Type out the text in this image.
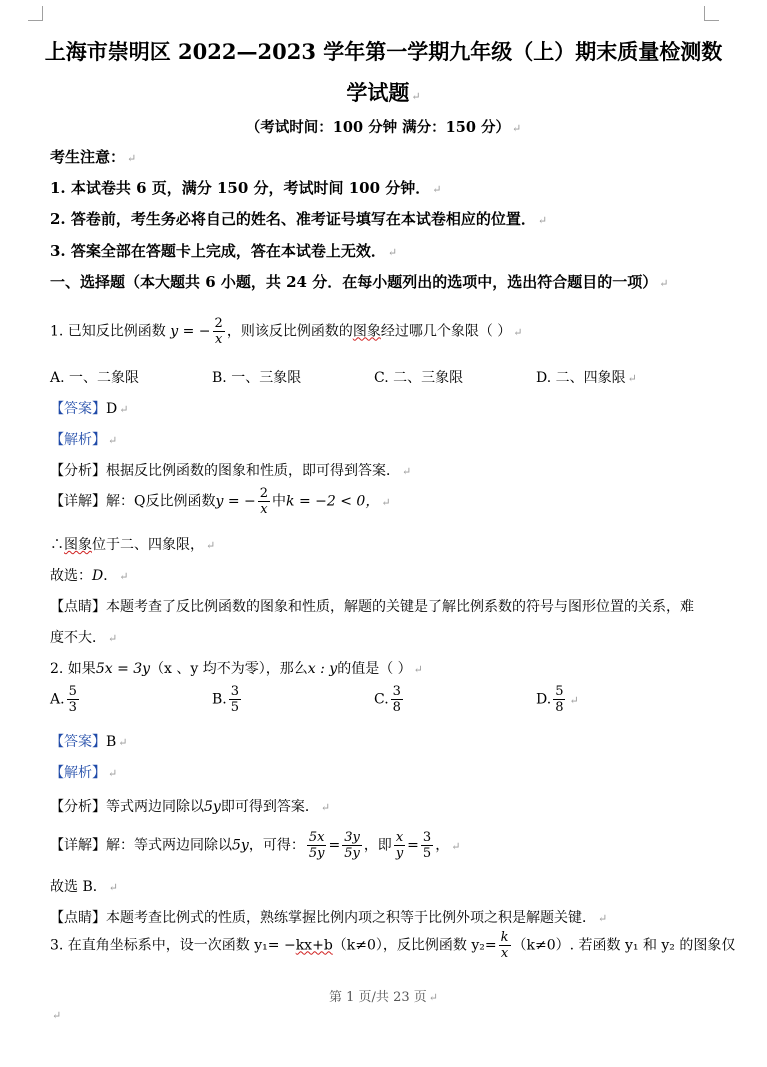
上海市崇明区 2022—2023 学年第一学期九年级（上）期末质量检测数
学试题 ↵
（考试时间：100 分钟 满分：150 分） ↵
考生注意： ↵
1. 本试卷共 6 页，满分 150 分，考试时间 100 分钟． ↵
2. 答卷前，考生务必将自己的姓名、准考证号填写在本试卷相应的位置． ↵
3. 答案全部在答题卡上完成，答在本试卷上无效． ↵
一、选择题（本大题共 6 小题，共 24 分．在每小题列出的选项中，选出符合题目的一项） ↵
1. 已知反比例函数 y = − $\frac{2}{x}$ ，则该反比例函数的图象经过哪几个象限（ ） ↵
A. 一、二象限	B. 一、三象限	C. 二、三象限	D. 二、四象限 ↵
【答案】D ↵
【解析】 ↵
【分析】根据反比例函数的图象和性质，即可得到答案． ↵
【详解】解：Q反比例函数y = − $\frac{2}{x}$ 中k = −2 < 0， ↵
∴图象位于二、四象限， ↵
故选：D． ↵
【点睛】本题考查了反比例函数的图象和性质，解题的关键是了解比例系数的符号与图形位置的关系，难
度不大． ↵
2. 如果5x = 3y（x 、y 均不为零），那么x : y的值是（ ） ↵
A. $\frac{5}{3}$	B. $\frac{3}{5}$	C. $\frac{3}{8}$	D. $\frac{5}{8}$ ↵
【答案】B ↵
【解析】 ↵
【分析】等式两边同除以5y即可得到答案． ↵
【详解】解：等式两边同除以5y，可得： $\frac{5x}{5y} = \frac{3y}{5y}$ ，即 $\frac{x}{y} = \frac{3}{5}$ ， ↵
故选 B． ↵
【点睛】本题考查比例式的性质，熟练掌握比例内项之积等于比例外项之积是解题关键． ↵
3. 在直角坐标系中，设一次函数 y₁= −kx+b（k≠0），反比例函数 $y_2= \frac{k}{x} (k\ne 0)$. 若函数 y₁ 和 y₂ 的图象仅
第 1 页/共 23 页 ↵
↵
